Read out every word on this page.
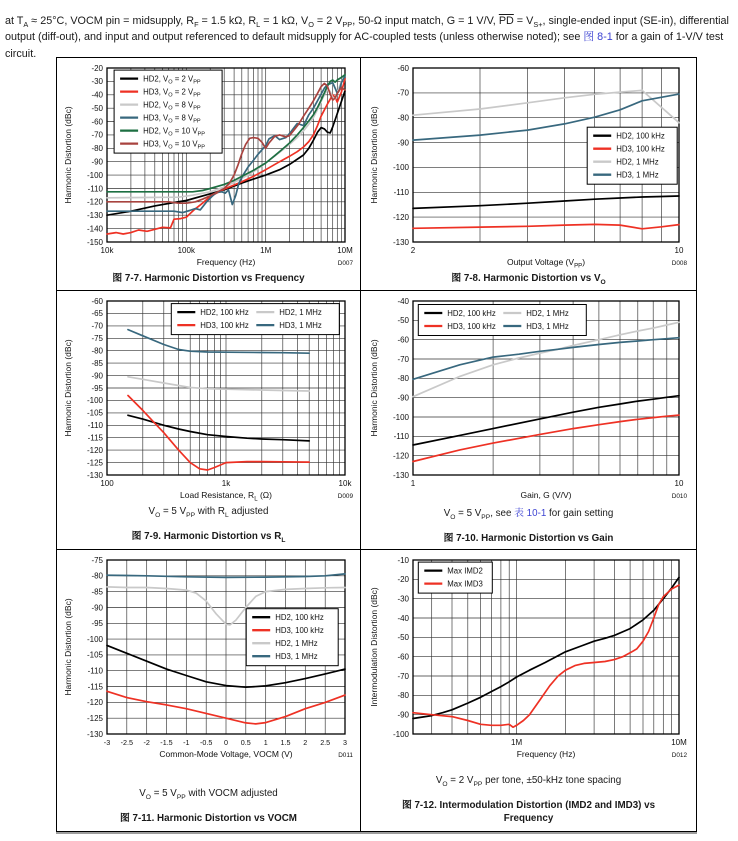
at $T_A \approx 25^\circ C$, VOCM pin = midsupply, $R_F = 1.5$ kΩ, $R_L = 1$ kΩ, $V_O = 2$ $V_{PP}$, 50-Ω input match, G = 1 V/V, $\overline{PD} = V_{S+}$, single-ended input (SE-in), differential output (diff-out), and input and output referenced to default midsupply for AC-coupled tests (unless otherwise noted); see 图 8-1 for a gain of 1-V/V test circuit.

-150
-140
-130
-120
-110
-100
-90
-80
-70
-60
-50
-40
-30
-20
10k	100k	1M	10M
Frequency (Hz)
Harmonic Distortion (dBc)
D007
HD2, $V_O = 2$ $V_{PP}$
HD3, $V_O = 2$ $V_{PP}$
HD2, $V_O = 8$ $V_{PP}$
HD3, $V_O = 8$ $V_{PP}$
HD2, $V_O = 10$ $V_{PP}$
HD3, $V_O = 10$ $V_{PP}$
图 7-7. Harmonic Distortion vs Frequency
-130
-120
-110
-100
-90
-80
-70
-60
2	10
Output Voltage $(V_{PP})$
Harmonic Distortion (dBc)
D008
HD2, 100 kHz
HD3, 100 kHz
HD2, 1 MHz
HD3, 1 MHz
图 7-8. Harmonic Distortion vs $V_O$
-130
-125
-120
-115
-110
-105
-100
-95
-90
-85
-80
-75
-70
-65
-60
100	1k	10k
Load Resistance, $R_L$ (Ω)
Harmonic Distortion (dBc)
D009
HD2, 100 kHz
HD3, 100 kHz
HD2, 1 MHz
HD3, 1 MHz
$V_O = 5$ $V_{PP}$ with $R_L$ adjusted
图 7-9. Harmonic Distortion vs $R_L$
-130
-120
-110
-100
-90
-80
-70
-60
-50
-40
1	10
Gain, G (V/V)
Harmonic Distortion (dBc)
D010
HD2, 100 kHz
HD3, 100 kHz
HD2, 1 MHz
HD3, 1 MHz
$V_O = 5$ $V_{PP}$, see 表 10-1 for gain setting
图 7-10. Harmonic Distortion vs Gain
-130
-125
-120
-115
-110
-105
-100
-95
-90
-85
-80
-75
-3 -2.5 -2 -1.5 -1 -0.5 0 0.5 1 1.5 2 2.5 3
Common-Mode Voltage, VOCM (V)
Harmonic Distortion (dBc)
D011
HD2, 100 kHz
HD3, 100 kHz
HD2, 1 MHz
HD3, 1 MHz
$V_O = 5$ $V_{PP}$ with VOCM adjusted
图 7-11. Harmonic Distortion vs VOCM
-100
-90
-80
-70
-60
-50
-40
-30
-20
-10
1M	10M
Frequency (Hz)
Intermodulation Distortion (dBc)
D012
Max IMD2
Max IMD3
$V_O = 2$ $V_{PP}$ per tone, ±50-kHz tone spacing
图 7-12. Intermodulation Distortion (IMD2 and IMD3) vs Frequency
